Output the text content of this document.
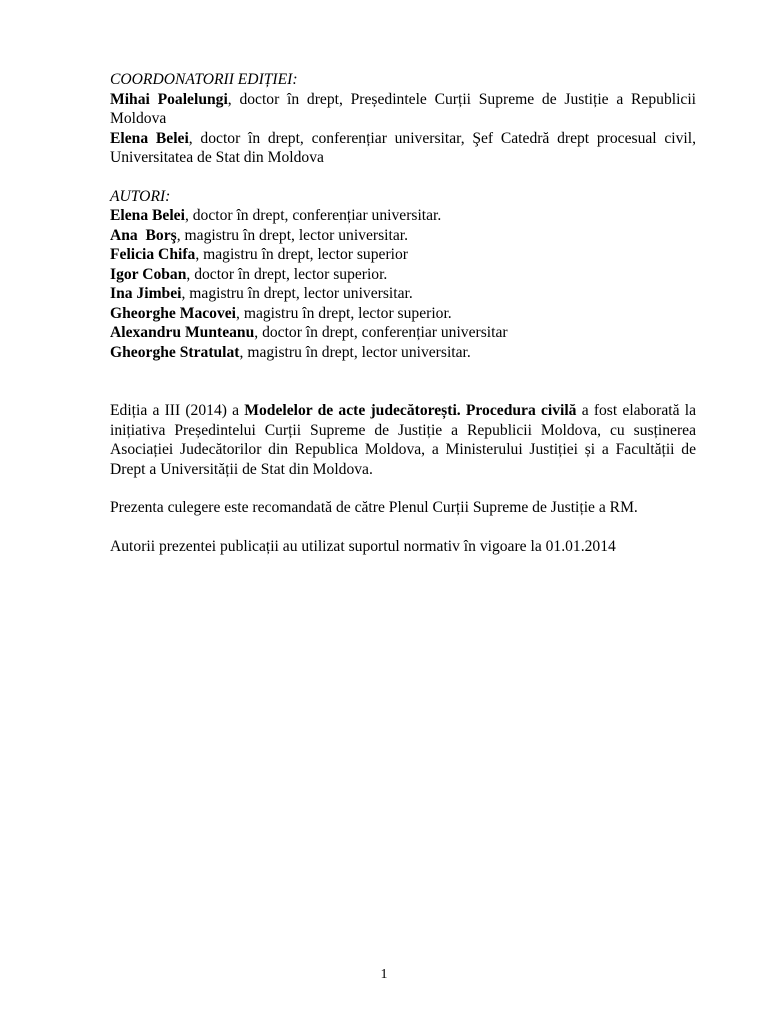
COORDONATORII EDIȚIEI:

Mihai Poalelungi, doctor în drept, Președintele Curții Supreme de Justiție a Republicii Moldova

Elena Belei, doctor în drept, conferențiar universitar, Şef Catedră drept procesual civil, Universitatea de Stat din Moldova

AUTORI:

Elena Belei, doctor în drept, conferențiar universitar.

Ana  Borş, magistru în drept, lector universitar.

Felicia Chifa, magistru în drept, lector superior

Igor Coban, doctor în drept, lector superior.

Ina Jimbei, magistru în drept, lector universitar.

Gheorghe Macovei, magistru în drept, lector superior.

Alexandru Munteanu, doctor în drept, conferențiar universitar

Gheorghe Stratulat, magistru în drept, lector universitar.

Ediția a III (2014) a Modelelor de acte judecătorești. Procedura civilă a fost elaborată la inițiativa Președintelui Curții Supreme de Justiție a Republicii Moldova, cu susținerea Asociației Judecătorilor din Republica Moldova, a Ministerului Justiției și a Facultății de Drept a Universității de Stat din Moldova.

Prezenta culegere este recomandată de către Plenul Curții Supreme de Justiție a RM.

Autorii prezentei publicații au utilizat suportul normativ în vigoare la 01.01.2014

1
